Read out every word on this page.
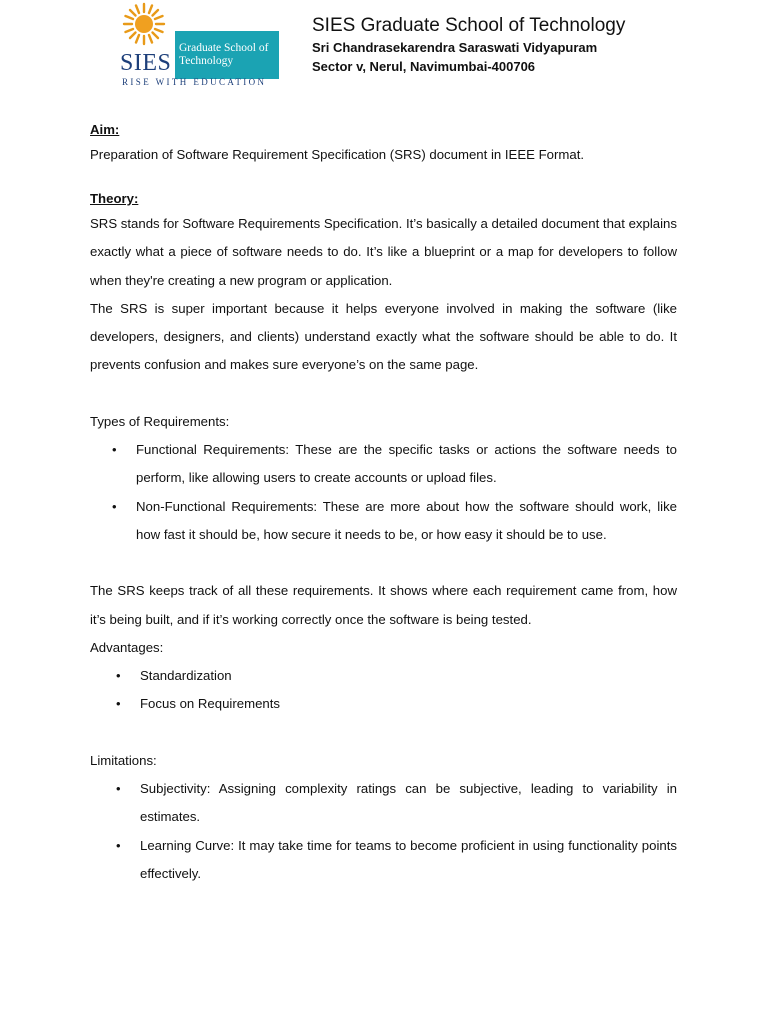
SIES
Graduate School of Technology
RISE WITH EDUCATION
SIES Graduate School of Technology
Sri Chandrasekarendra Saraswati Vidyapuram
Sector v, Nerul, Navimumbai-400706
Aim:

Preparation of Software Requirement Specification (SRS) document in IEEE Format.

Theory:

SRS stands for Software Requirements Specification. It’s basically a detailed document that explains exactly what a piece of software needs to do. It’s like a blueprint or a map for developers to follow when they're creating a new program or application.

The SRS is super important because it helps everyone involved in making the software (like developers, designers, and clients) understand exactly what the software should be able to do. It prevents confusion and makes sure everyone’s on the same page.

Types of Requirements:

• Functional Requirements: These are the specific tasks or actions the software needs to perform, like allowing users to create accounts or upload files.
• Non-Functional Requirements: These are more about how the software should work, like how fast it should be, how secure it needs to be, or how easy it should be to use.

The SRS keeps track of all these requirements. It shows where each requirement came from, how it’s being built, and if it’s working correctly once the software is being tested.

Advantages:

• Standardization
• Focus on Requirements

Limitations:

• Subjectivity: Assigning complexity ratings can be subjective, leading to variability in estimates.
• Learning Curve: It may take time for teams to become proficient in using functionality points effectively.
